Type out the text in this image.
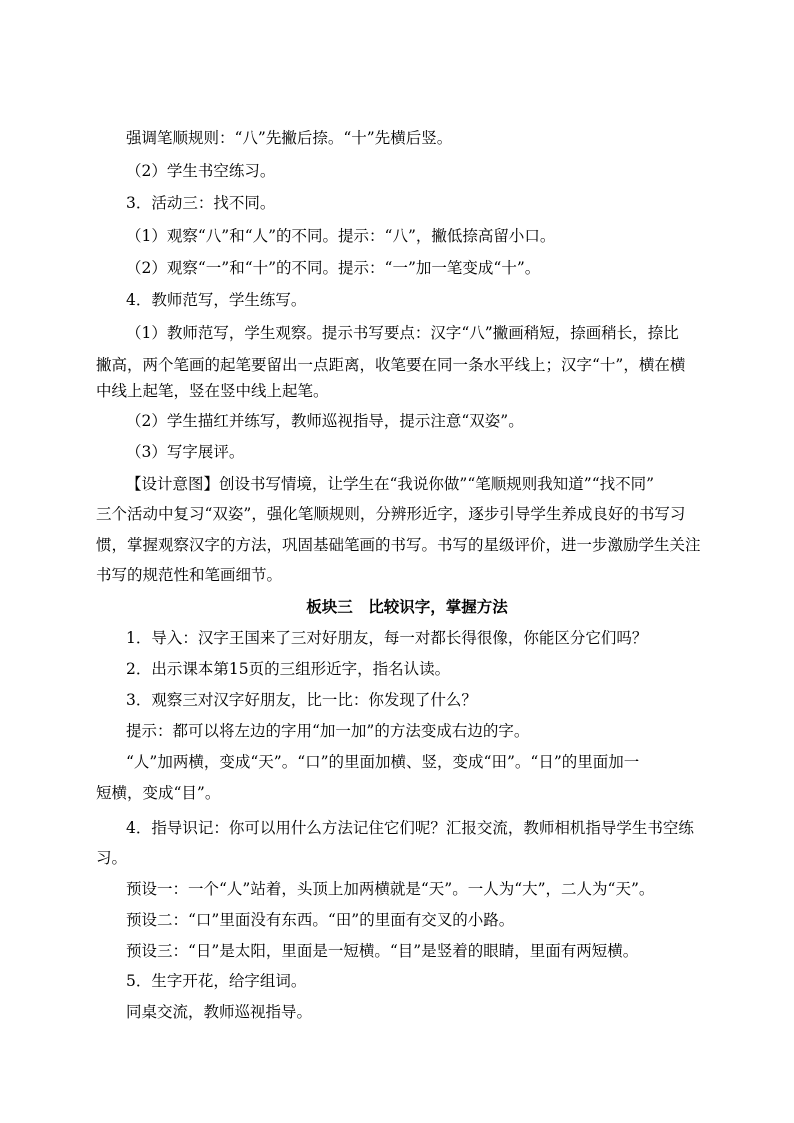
强调笔顺规则：“八”先撇后捺。“十”先横后竖。
（2）学生书空练习。
3．活动三：找不同。
（1）观察“八”和“人”的不同。提示：“八”，撇低捺高留小口。
（2）观察“一”和“十”的不同。提示：“一”加一笔变成“十”。
4．教师范写，学生练写。
（1）教师范写，学生观察。提示书写要点：汉字“八”撇画稍短，捺画稍长，捺比
撇高，两个笔画的起笔要留出一点距离，收笔要在同一条水平线上；汉字“十”，横在横
中线上起笔，竖在竖中线上起笔。
（2）学生描红并练写，教师巡视指导，提示注意“双姿”。
（3）写字展评。
【设计意图】创设书写情境，让学生在“我说你做”“笔顺规则我知道”“找不同”
三个活动中复习“双姿”，强化笔顺规则，分辨形近字，逐步引导学生养成良好的书写习
惯，掌握观察汉字的方法，巩固基础笔画的书写。书写的星级评价，进一步激励学生关注
书写的规范性和笔画细节。
板块三　比较识字，掌握方法
1．导入：汉字王国来了三对好朋友，每一对都长得很像，你能区分它们吗？
2．出示课本第15页的三组形近字，指名认读。
3．观察三对汉字好朋友，比一比：你发现了什么？
提示：都可以将左边的字用“加一加”的方法变成右边的字。
“人”加两横，变成“天”。“口”的里面加横、竖，变成“田”。“日”的里面加一
短横，变成“目”。
4．指导识记：你可以用什么方法记住它们呢？汇报交流，教师相机指导学生书空练
习。
预设一：一个“人”站着，头顶上加两横就是“天”。一人为“大”，二人为“天”。
预设二：“口”里面没有东西。“田”的里面有交叉的小路。
预设三：“日”是太阳，里面是一短横。“目”是竖着的眼睛，里面有两短横。
5．生字开花，给字组词。
同桌交流，教师巡视指导。
